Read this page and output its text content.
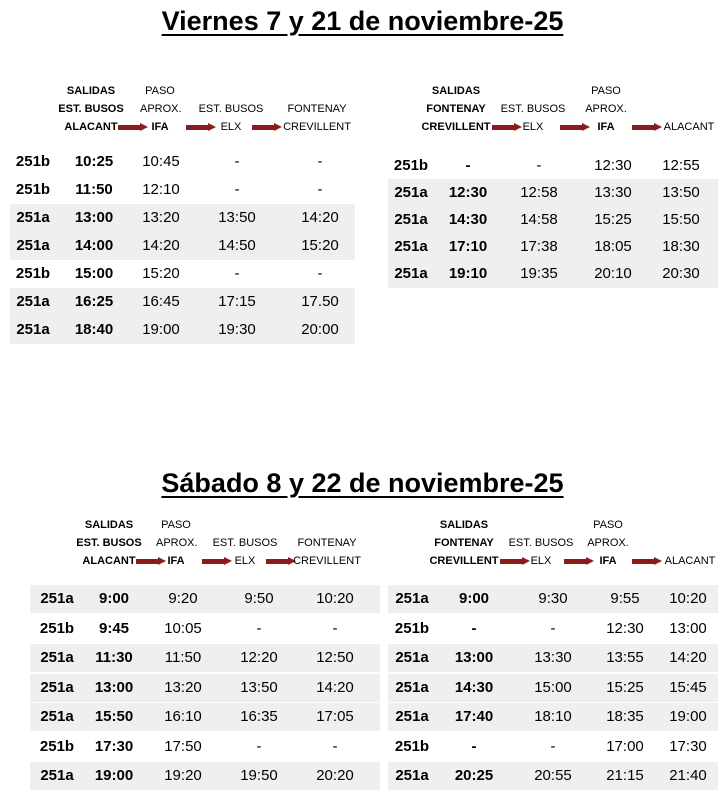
Viernes 7 y 21 de noviembre-25
SALIDAS
EST. BUSOS
ALACANT
PASO
APROX.
IFA
EST. BUSOS
ELX
FONTENAY
CREVILLENT
251b	10:25	10:45	-	-
251b	11:50	12:10	-	-
251a	13:00	13:20	13:50	14:20
251a	14:00	14:20	14:50	15:20
251b	15:00	15:20	-	-
251a	16:25	16:45	17:15	17.50
251a	18:40	19:00	19:30	20:00
SALIDAS
FONTENAY
CREVILLENT
EST. BUSOS
ELX
PASO
APROX.
IFA	ALACANT
251b	-	-	12:30	12:55
251a	12:30	12:58	13:30	13:50
251a	14:30	14:58	15:25	15:50
251a	17:10	17:38	18:05	18:30
251a	19:10	19:35	20:10	20:30
Sábado 8 y 22 de noviembre-25
SALIDAS
EST. BUSOS
ALACANT
PASO
APROX.
IFA
EST. BUSOS
ELX
FONTENAY
CREVILLENT
251a	9:00	9:20	9:50	10:20
251b	9:45	10:05	-	-
251a	11:30	11:50	12:20	12:50
251a	13:00	13:20	13:50	14:20
251a	15:50	16:10	16:35	17:05
251b	17:30	17:50	-	-
251a	19:00	19:20	19:50	20:20
SALIDAS
FONTENAY
CREVILLENT
EST. BUSOS
ELX
PASO
APROX.
IFA	ALACANT
251a	9:00	9:30	9:55	10:20
251b	-	-	12:30	13:00
251a	13:00	13:30	13:55	14:20
251a	14:30	15:00	15:25	15:45
251a	17:40	18:10	18:35	19:00
251b	-	-	17:00	17:30
251a	20:25	20:55	21:15	21:40
